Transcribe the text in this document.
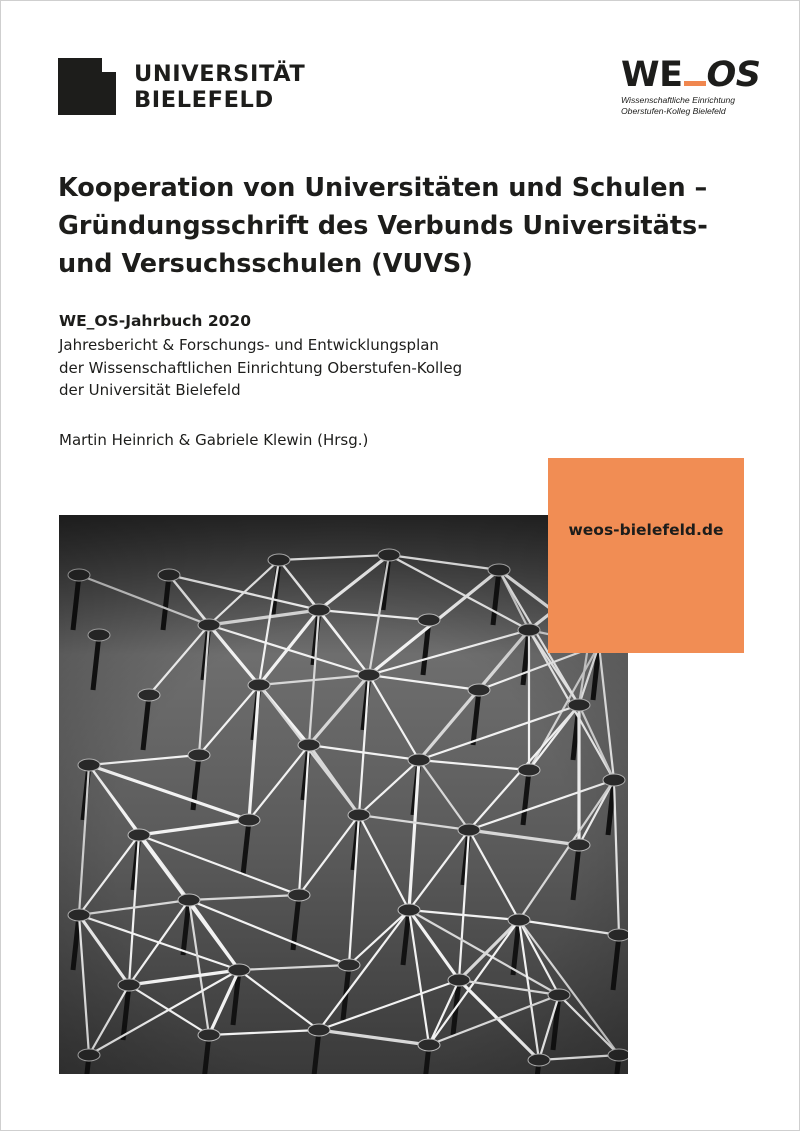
UNIVERSITÄT
BIELEFELD
WE OS
Wissenschaftliche Einrichtung
Oberstufen-Kolleg Bielefeld
Kooperation von Universitäten und Schulen –
Gründungsschrift des Verbunds Universitäts-
und Versuchsschulen (VUVS)
WE_OS-Jahrbuch 2020
Jahresbericht & Forschungs- und Entwicklungsplan
der Wissenschaftlichen Einrichtung Oberstufen-Kolleg
der Universität Bielefeld
Martin Heinrich & Gabriele Klewin (Hrsg.)
weos-bielefeld.de
